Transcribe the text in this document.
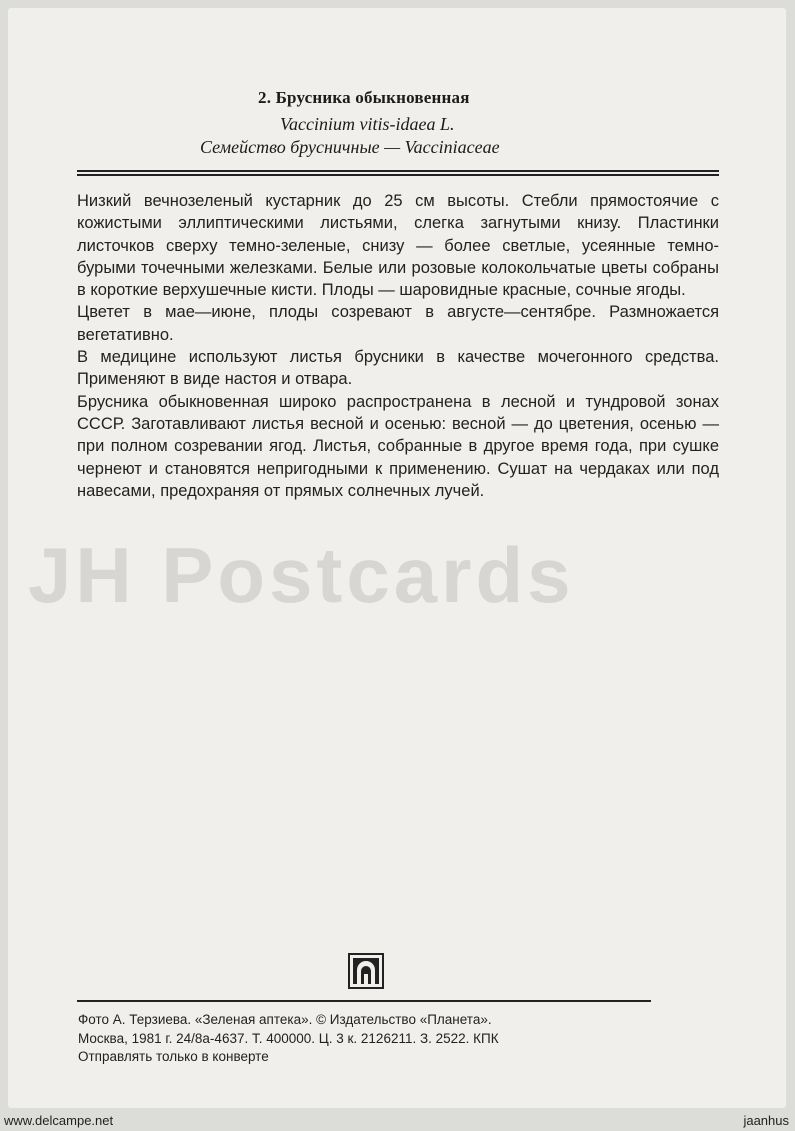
2. Брусника обыкновенная
Vaccinium vitis-idaea L.
Семейство брусничные — Vacciniaceae

Низкий вечнозеленый кустарник до 25 см высоты. Стебли прямостоячие с кожистыми эллиптическими листьями, слегка загнутыми книзу. Пластинки листочков сверху темно-зеленые, снизу — более светлые, усеянные темно-бурыми точечными железками. Белые или розовые колокольчатые цветы собраны в короткие верхушечные кисти. Плоды — шаровидные красные, сочные ягоды.

Цветет в мае—июне, плоды созревают в августе—сентябре. Размножается вегетативно.

В медицине используют листья брусники в качестве мочегонного средства. Применяют в виде настоя и отвара.

Брусника обыкновенная широко распространена в лесной и тундровой зонах СССР. Заготавливают листья весной и осенью: весной — до цветения, осенью — при полном созревании ягод. Листья, собранные в другое время года, при сушке чернеют и становятся непригодными к применению. Сушат на чердаках или под навесами, предохраняя от прямых солнечных лучей.

JH Postcards
Фото А. Терзиева. «Зеленая аптека». © Издательство «Планета».
Москва, 1981 г. 24/8а-4637. Т. 400000. Ц. 3 к. 2126211. З. 2522. КПК
Отправлять только в конверте
www.delcampe.net	jaanhus
